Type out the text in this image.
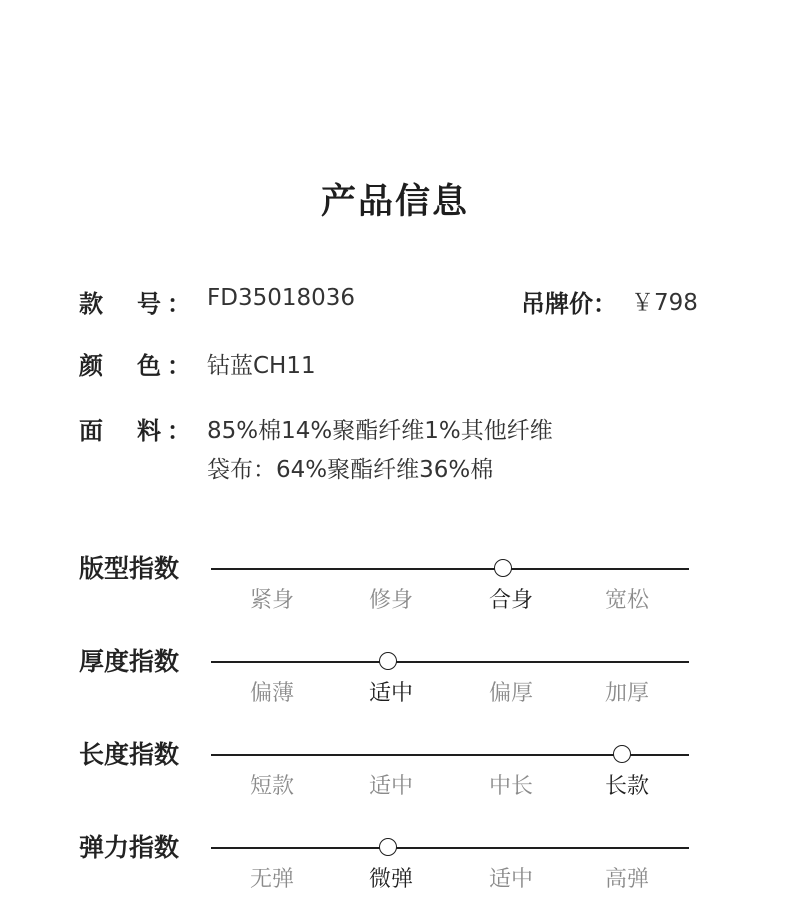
产品信息
款 号 ： FD35018036	吊牌价： ￥798
颜 色 ： 钴蓝CH11
面 料 ： 85%棉14%聚酯纤维1%其他纤维
袋布：64%聚酯纤维36%棉
版型指数
紧身	修身	合身	宽松
厚度指数
偏薄	适中	偏厚	加厚
长度指数
短款	适中	中长	长款
弹力指数
无弹	微弹	适中	高弹
